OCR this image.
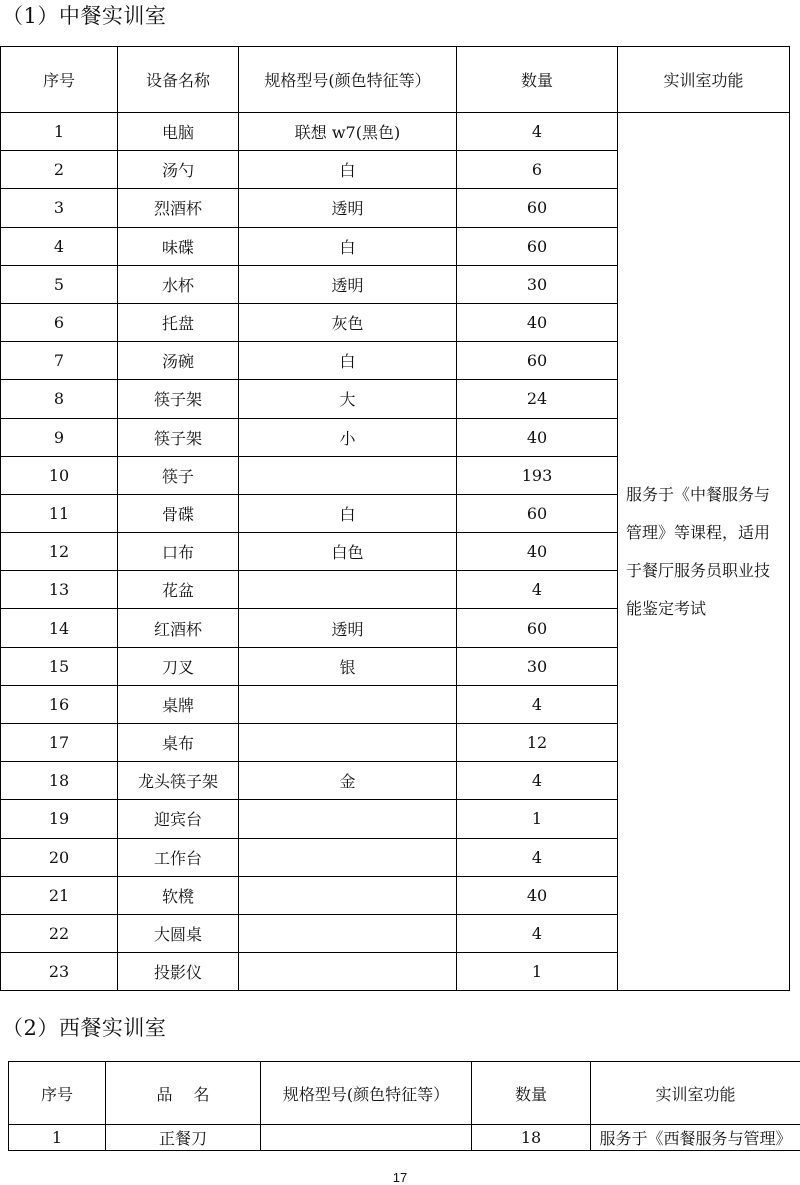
（1）中餐实训室
序号	设备名称	规格型号(颜色特征等）	数量	实训室功能
1	电脑	联想 w7(黑色)	4	服务于《中餐服务与管理》等课程，适用于餐厅服务员职业技能鉴定考试
2	汤勺	白	6	
3	烈酒杯	透明	60	
4	味碟	白	60	
5	水杯	透明	30	
6	托盘	灰色	40	
7	汤碗	白	60	
8	筷子架	大	24	
9	筷子架	小	40	
10	筷子		193	
11	骨碟	白	60	
12	口布	白色	40	
13	花盆		4	
14	红酒杯	透明	60	
15	刀叉	银	30	
16	桌牌		4	
17	桌布		12	
18	龙头筷子架	金	4	
19	迎宾台		1	
20	工作台		4	
21	软櫈		40	
22	大圆桌		4	
23	投影仪		1	
（2）西餐实训室
序号	品　 名	规格型号(颜色特征等）	数量	实训室功能
1	正餐刀		18	服务于《西餐服务与管理》
17
